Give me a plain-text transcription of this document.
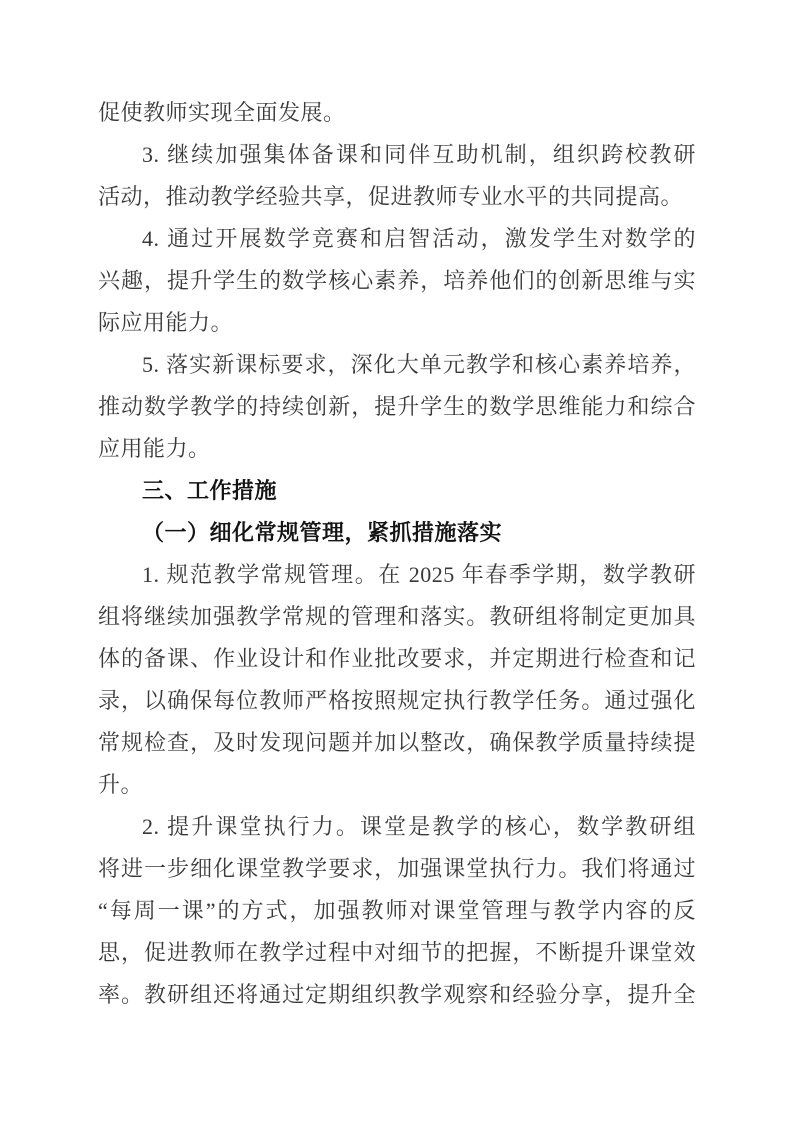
促使教师实现全面发展。
3. 继续加强集体备课和同伴互助机制，组织跨校教研
活动，推动教学经验共享，促进教师专业水平的共同提高。
4. 通过开展数学竞赛和启智活动，激发学生对数学的
兴趣，提升学生的数学核心素养，培养他们的创新思维与实
际应用能力。
5. 落实新课标要求，深化大单元教学和核心素养培养，
推动数学教学的持续创新，提升学生的数学思维能力和综合
应用能力。
三、工作措施
（一）细化常规管理，紧抓措施落实
1. 规范教学常规管理。在 2025 年春季学期，数学教研
组将继续加强教学常规的管理和落实。教研组将制定更加具
体的备课、作业设计和作业批改要求，并定期进行检查和记
录，以确保每位教师严格按照规定执行教学任务。通过强化
常规检查，及时发现问题并加以整改，确保教学质量持续提
升。
2. 提升课堂执行力。课堂是教学的核心，数学教研组
将进一步细化课堂教学要求，加强课堂执行力。我们将通过
“每周一课”的方式，加强教师对课堂管理与教学内容的反
思，促进教师在教学过程中对细节的把握，不断提升课堂效
率。教研组还将通过定期组织教学观察和经验分享，提升全
